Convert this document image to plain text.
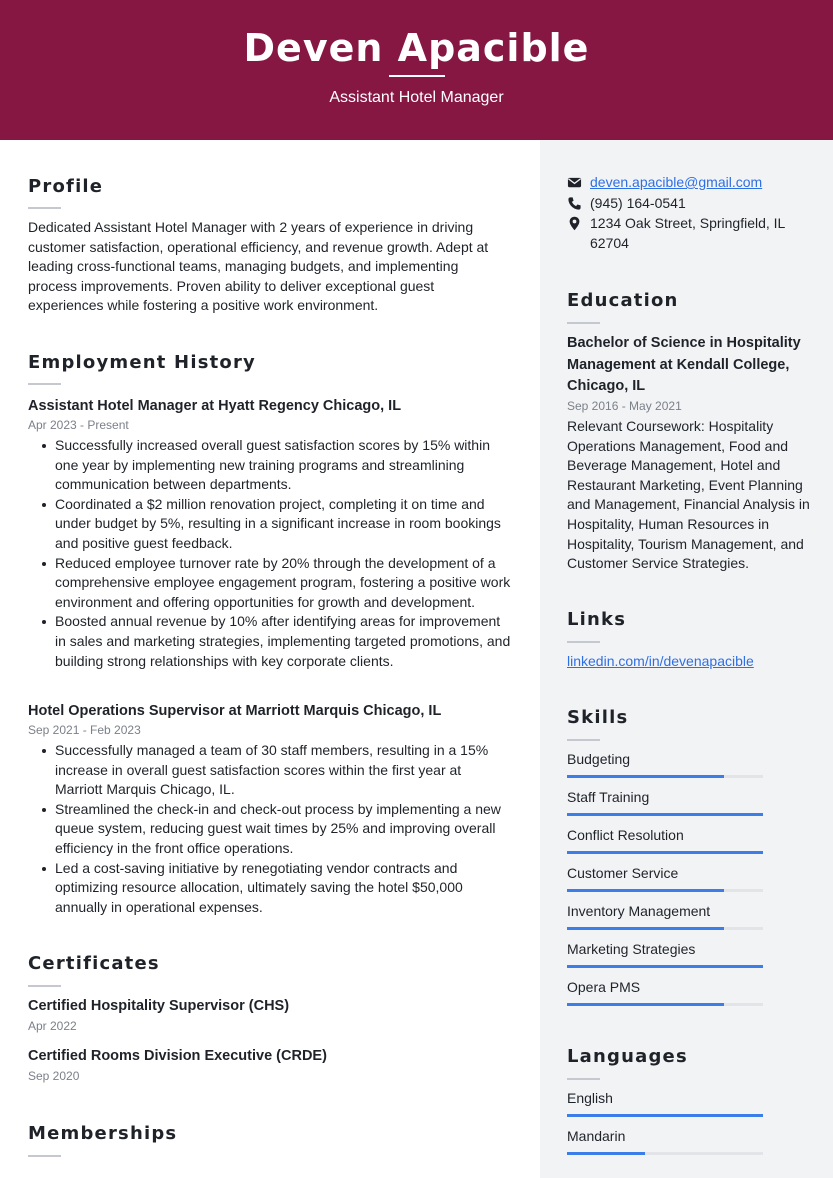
Deven Apacible
Assistant Hotel Manager
Profile
Dedicated Assistant Hotel Manager with 2 years of experience in driving customer satisfaction, operational efficiency, and revenue growth. Adept at leading cross-functional teams, managing budgets, and implementing process improvements. Proven ability to deliver exceptional guest experiences while fostering a positive work environment.
Employment History
Assistant Hotel Manager at Hyatt Regency Chicago, IL
Apr 2023 - Present
Successfully increased overall guest satisfaction scores by 15% within one year by implementing new training programs and streamlining communication between departments.
Coordinated a $2 million renovation project, completing it on time and under budget by 5%, resulting in a significant increase in room bookings and positive guest feedback.
Reduced employee turnover rate by 20% through the development of a comprehensive employee engagement program, fostering a positive work environment and offering opportunities for growth and development.
Boosted annual revenue by 10% after identifying areas for improvement in sales and marketing strategies, implementing targeted promotions, and building strong relationships with key corporate clients.
Hotel Operations Supervisor at Marriott Marquis Chicago, IL
Sep 2021 - Feb 2023
Successfully managed a team of 30 staff members, resulting in a 15% increase in overall guest satisfaction scores within the first year at Marriott Marquis Chicago, IL.
Streamlined the check-in and check-out process by implementing a new queue system, reducing guest wait times by 25% and improving overall efficiency in the front office operations.
Led a cost-saving initiative by renegotiating vendor contracts and optimizing resource allocation, ultimately saving the hotel $50,000 annually in operational expenses.
Certificates
Certified Hospitality Supervisor (CHS)
Apr 2022
Certified Rooms Division Executive (CRDE)
Sep 2020
Memberships
deven.apacible@gmail.com
(945) 164-0541
1234 Oak Street, Springfield, IL 62704
Education
Bachelor of Science in Hospitality Management at Kendall College, Chicago, IL
Sep 2016 - May 2021
Relevant Coursework: Hospitality Operations Management, Food and Beverage Management, Hotel and Restaurant Marketing, Event Planning and Management, Financial Analysis in Hospitality, Human Resources in Hospitality, Tourism Management, and Customer Service Strategies.
Links
linkedin.com/in/devenapacible
Skills
Budgeting
Staff Training
Conflict Resolution
Customer Service
Inventory Management
Marketing Strategies
Opera PMS
Languages
English
Mandarin
